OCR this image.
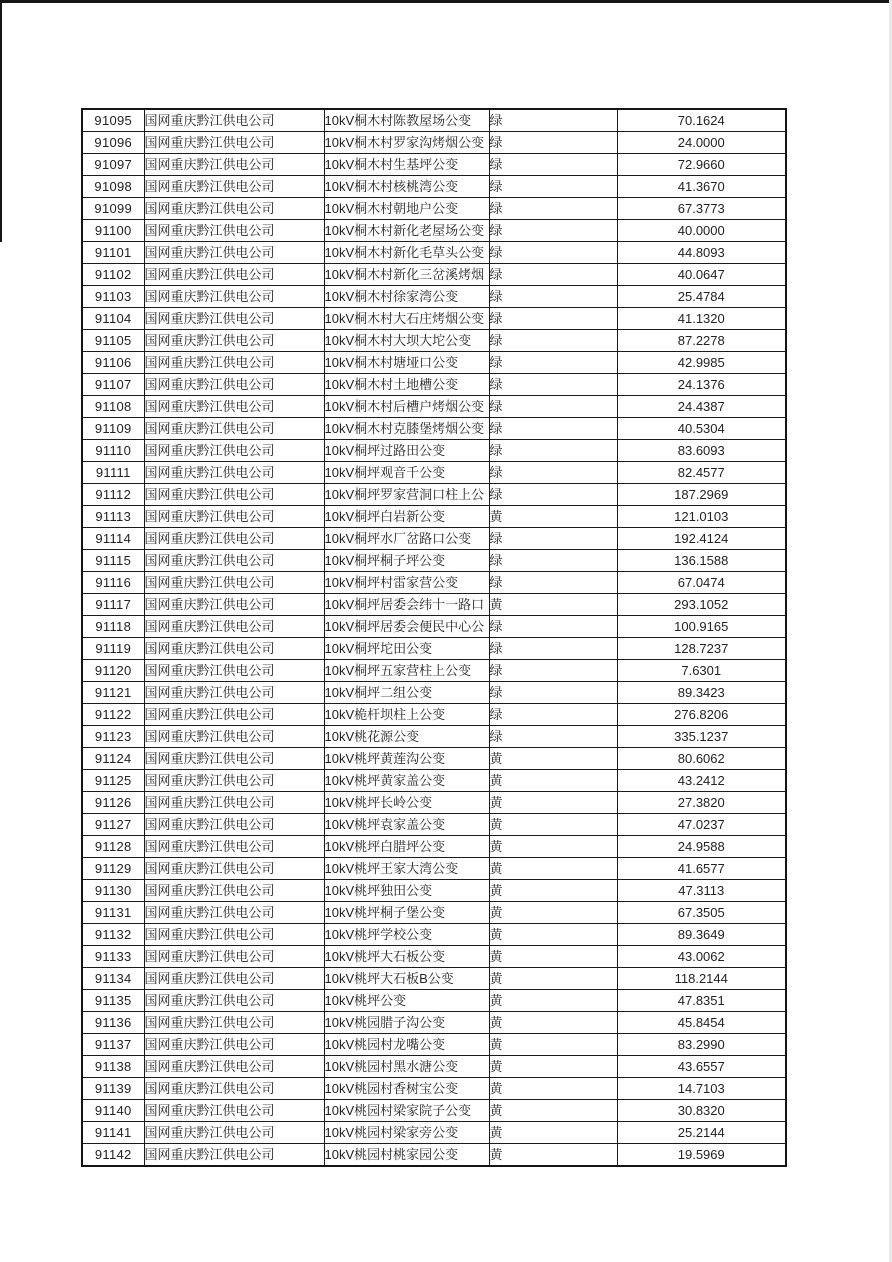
91095	国网重庆黔江供电公司	10kV桐木村陈教屋场公变	绿	70.1624
91096	国网重庆黔江供电公司	10kV桐木村罗家沟烤烟公变	绿	24.0000
91097	国网重庆黔江供电公司	10kV桐木村生基坪公变	绿	72.9660
91098	国网重庆黔江供电公司	10kV桐木村核桃湾公变	绿	41.3670
91099	国网重庆黔江供电公司	10kV桐木村朝地户公变	绿	67.3773
91100	国网重庆黔江供电公司	10kV桐木村新化老屋场公变	绿	40.0000
91101	国网重庆黔江供电公司	10kV桐木村新化毛草头公变	绿	44.8093
91102	国网重庆黔江供电公司	10kV桐木村新化三岔溪烤烟	绿	40.0647
91103	国网重庆黔江供电公司	10kV桐木村徐家湾公变	绿	25.4784
91104	国网重庆黔江供电公司	10kV桐木村大石庄烤烟公变	绿	41.1320
91105	国网重庆黔江供电公司	10kV桐木村大坝大坨公变	绿	87.2278
91106	国网重庆黔江供电公司	10kV桐木村塘垭口公变	绿	42.9985
91107	国网重庆黔江供电公司	10kV桐木村土地槽公变	绿	24.1376
91108	国网重庆黔江供电公司	10kV桐木村后槽户烤烟公变	绿	24.4387
91109	国网重庆黔江供电公司	10kV桐木村克膝堡烤烟公变	绿	40.5304
91110	国网重庆黔江供电公司	10kV桐坪过路田公变	绿	83.6093
91111	国网重庆黔江供电公司	10kV桐坪观音千公变	绿	82.4577
91112	国网重庆黔江供电公司	10kV桐坪罗家营洞口柱上公	绿	187.2969
91113	国网重庆黔江供电公司	10kV桐坪白岩新公变	黄	121.0103
91114	国网重庆黔江供电公司	10kV桐坪水厂岔路口公变	绿	192.4124
91115	国网重庆黔江供电公司	10kV桐坪桐子坪公变	绿	136.1588
91116	国网重庆黔江供电公司	10kV桐坪村雷家营公变	绿	67.0474
91117	国网重庆黔江供电公司	10kV桐坪居委会纬十一路口	黄	293.1052
91118	国网重庆黔江供电公司	10kV桐坪居委会便民中心公	绿	100.9165
91119	国网重庆黔江供电公司	10kV桐坪坨田公变	绿	128.7237
91120	国网重庆黔江供电公司	10kV桐坪五家营柱上公变	绿	7.6301
91121	国网重庆黔江供电公司	10kV桐坪二组公变	绿	89.3423
91122	国网重庆黔江供电公司	10kV桅杆坝柱上公变	绿	276.8206
91123	国网重庆黔江供电公司	10kV桃花源公变	绿	335.1237
91124	国网重庆黔江供电公司	10kV桃坪黄莲沟公变	黄	80.6062
91125	国网重庆黔江供电公司	10kV桃坪黄家盖公变	黄	43.2412
91126	国网重庆黔江供电公司	10kV桃坪长岭公变	黄	27.3820
91127	国网重庆黔江供电公司	10kV桃坪袁家盖公变	黄	47.0237
91128	国网重庆黔江供电公司	10kV桃坪白腊坪公变	黄	24.9588
91129	国网重庆黔江供电公司	10kV桃坪王家大湾公变	黄	41.6577
91130	国网重庆黔江供电公司	10kV桃坪独田公变	黄	47.3113
91131	国网重庆黔江供电公司	10kV桃坪桐子堡公变	黄	67.3505
91132	国网重庆黔江供电公司	10kV桃坪学校公变	黄	89.3649
91133	国网重庆黔江供电公司	10kV桃坪大石板公变	黄	43.0062
91134	国网重庆黔江供电公司	10kV桃坪大石板B公变	黄	118.2144
91135	国网重庆黔江供电公司	10kV桃坪公变	黄	47.8351
91136	国网重庆黔江供电公司	10kV桃园腊子沟公变	黄	45.8454
91137	国网重庆黔江供电公司	10kV桃园村龙嘴公变	黄	83.2990
91138	国网重庆黔江供电公司	10kV桃园村黑水溏公变	黄	43.6557
91139	国网重庆黔江供电公司	10kV桃园村香树宝公变	黄	14.7103
91140	国网重庆黔江供电公司	10kV桃园村梁家院子公变	黄	30.8320
91141	国网重庆黔江供电公司	10kV桃园村梁家旁公变	黄	25.2144
91142	国网重庆黔江供电公司	10kV桃园村桃家园公变	黄	19.5969
